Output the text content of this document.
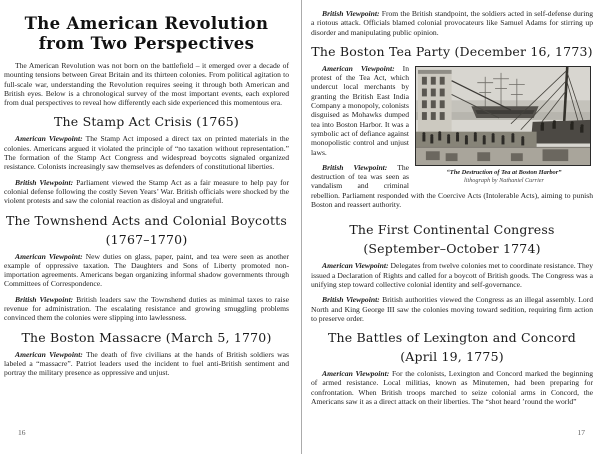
The American Revolution
from Two Perspectives

The American Revolution was not born on the battlefield – it emerged over a decade of mounting tensions between Great Britain and its thirteen colonies. From political agitation to full-scale war, understanding the Revolution requires seeing it through both American and British eyes. Below is a chronological survey of the most important events, each explored from dual perspectives to reveal how differently each side experienced this momentous era.

The Stamp Act Crisis (1765)

American Viewpoint: The Stamp Act imposed a direct tax on printed materials in the colonies. Americans argued it violated the principle of “no taxation without representation.” The formation of the Stamp Act Congress and widespread boycotts signaled organized resistance. Colonists increasingly saw themselves as defenders of constitutional liberties.

British Viewpoint: Parliament viewed the Stamp Act as a fair measure to help pay for colonial defense following the costly Seven Years’ War. British officials were shocked by the violent protests and saw the colonial reaction as disloyal and ungrateful.

The Townshend Acts and Colonial Boycotts
(1767–1770)

American Viewpoint: New duties on glass, paper, paint, and tea were seen as another example of oppressive taxation. The Daughters and Sons of Liberty promoted non-importation agreements. Americans began organizing informal shadow governments through Committees of Correspondence.

British Viewpoint: British leaders saw the Townshend duties as minimal taxes to raise revenue for administration. The escalating resistance and growing smuggling problems convinced them the colonies were slipping into lawlessness.

The Boston Massacre (March 5, 1770)

American Viewpoint: The death of five civilians at the hands of British soldiers was labeled a “massacre”. Patriot leaders used the incident to fuel anti-British sentiment and portray the military presence as oppressive and unjust.

16

British Viewpoint: From the British standpoint, the soldiers acted in self-defense during a riotous attack. Officials blamed colonial provocateurs like Samuel Adams for stirring up disorder and manipulating public opinion.

The Boston Tea Party (December 16, 1773)
“The Destruction of Tea at Boston Harbor”
lithograph by Nathaniel Currier

American Viewpoint: In protest of the Tea Act, which undercut local merchants by granting the British East India Company a monopoly, colonists disguised as Mohawks dumped tea into Boston Harbor. It was a symbolic act of defiance against monopolistic control and unjust laws.

British Viewpoint: The destruction of tea was seen as vandalism and criminal rebellion. Parliament responded with the Coercive Acts (Intolerable Acts), aiming to punish Boston and reassert authority.

The First Continental Congress
(September–October 1774)

American Viewpoint: Delegates from twelve colonies met to coordinate resistance. They issued a Declaration of Rights and called for a boycott of British goods. The Congress was a unifying step toward collective colonial identity and self-governance.

British Viewpoint: British authorities viewed the Congress as an illegal assembly. Lord North and King George III saw the colonies moving toward sedition, requiring firm action to preserve order.

The Battles of Lexington and Concord
(April 19, 1775)

American Viewpoint: For the colonists, Lexington and Concord marked the beginning of armed resistance. Local militias, known as Minutemen, had been preparing for confrontation. When British troops marched to seize colonial arms in Concord, the Americans saw it as a direct attack on their liberties. The “shot heard ’round the world”

17
